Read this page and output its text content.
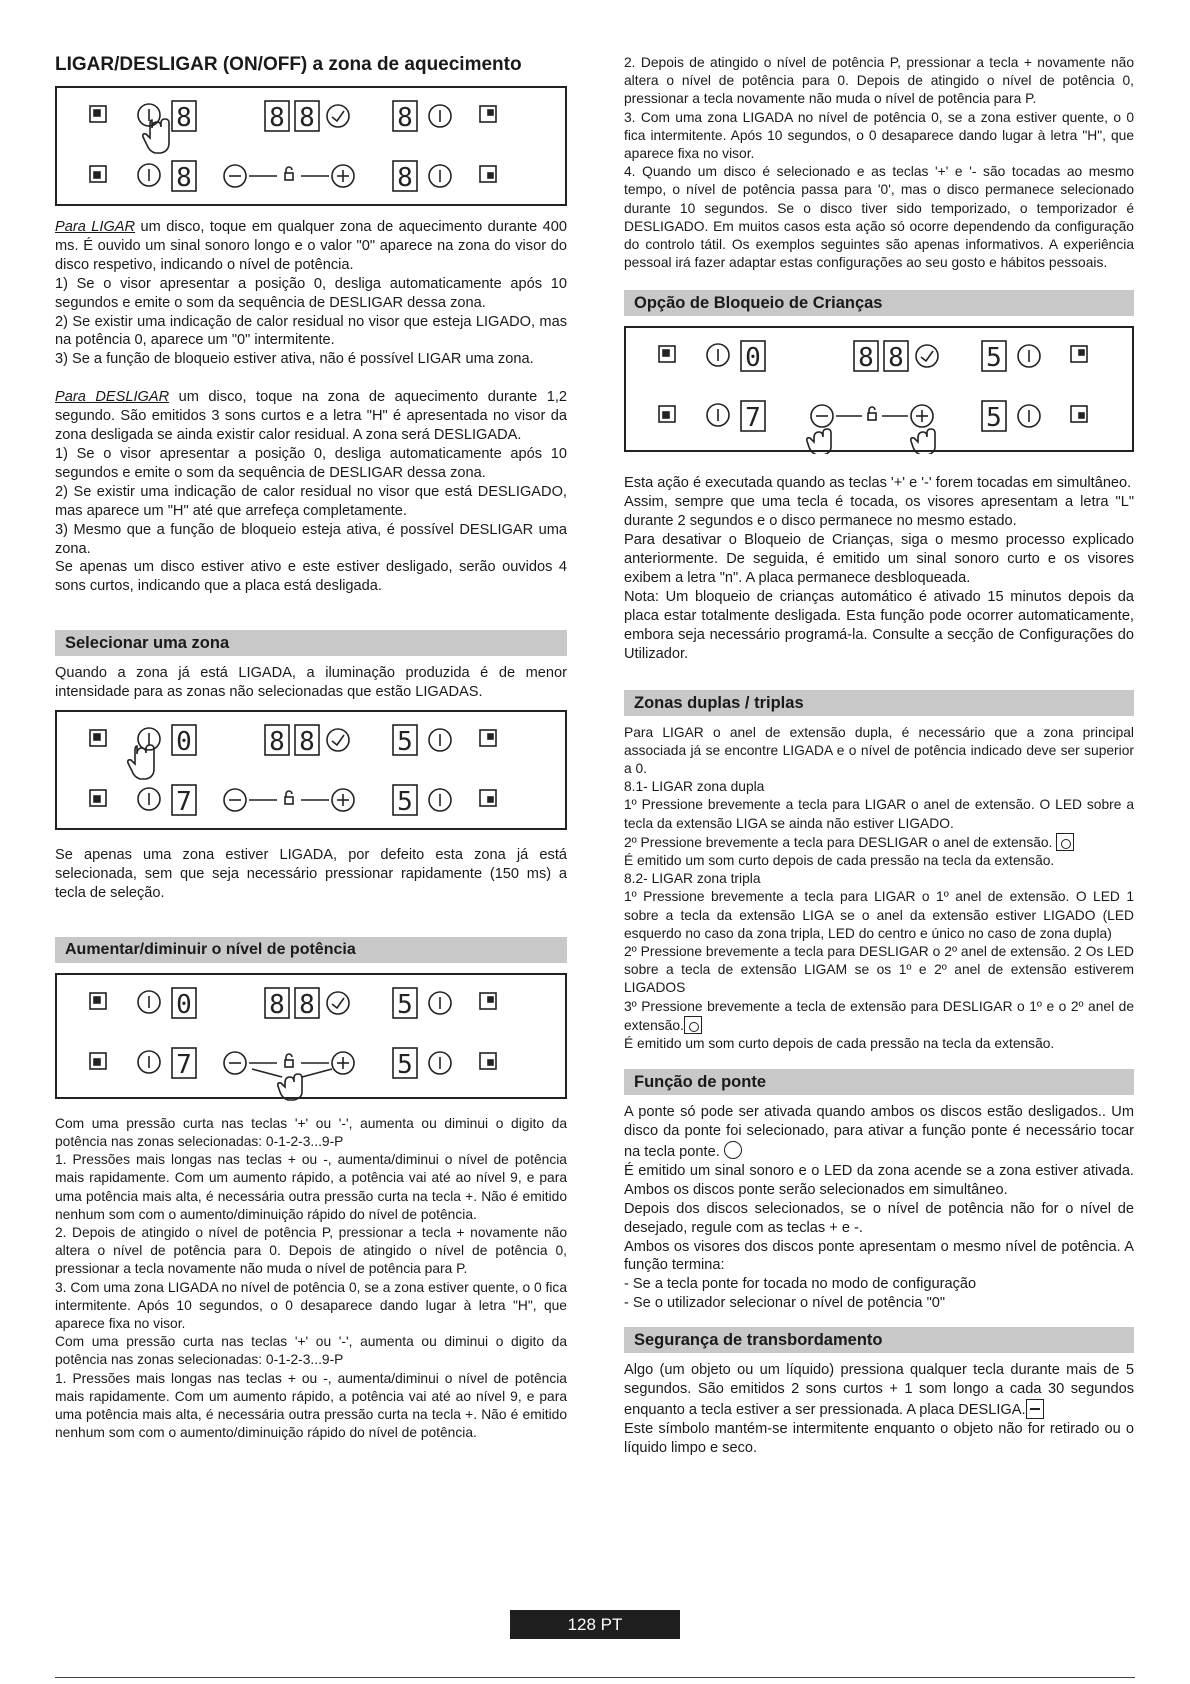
LIGAR/DESLIGAR (ON/OFF) a zona de aquecimento
8
8
8 8	8
8

Para LIGAR um disco, toque em qualquer zona de aquecimento durante 400 ms. É ouvido um sinal sonoro longo e o valor "0" aparece na zona do visor do disco respetivo, indicando o nível de potência.

1) Se o visor apresentar a posição 0, desliga automaticamente após 10 segundos e emite o som da sequência de DESLIGAR dessa zona.

2) Se existir uma indicação de calor residual no visor que esteja LIGADO, mas na potência 0, aparece um "0" intermitente.

3) Se a função de bloqueio estiver ativa, não é possível LIGAR uma zona.

Para DESLIGAR um disco, toque na zona de aquecimento durante 1,2 segundo. São emitidos 3 sons curtos e a letra "H" é apresentada no visor da zona desligada se ainda existir calor residual. A zona será DESLIGADA.

1) Se o visor apresentar a posição 0, desliga automaticamente após 10 segundos e emite o som da sequência de DESLIGAR dessa zona.

2) Se existir uma indicação de calor residual no visor que está DESLIGADO, mas aparece um "H" até que arrefeça completamente.

3) Mesmo que a função de bloqueio esteja ativa, é possível DESLIGAR uma zona.

Se apenas um disco estiver ativo e este estiver desligado, serão ouvidos 4 sons curtos, indicando que a placa está desligada.

Selecionar uma zona

Quando a zona já está LIGADA, a iluminação produzida é de menor intensidade para as zonas não selecionadas que estão LIGADAS.

0
7
8 8	5
5

Se apenas uma zona estiver LIGADA, por defeito esta zona já está selecionada, sem que seja necessário pressionar rapidamente (150 ms) a tecla de seleção.

Aumentar/diminuir o nível de potência
0
7
8 8	5
5

Com uma pressão curta nas teclas '+' ou '-', aumenta ou diminui o digito da potência nas zonas selecionadas: 0-1-2-3...9-P

1. Pressões mais longas nas teclas + ou -, aumenta/diminui o nível de potência mais rapidamente. Com um aumento rápido, a potência vai até ao nível 9, e para uma potência mais alta, é necessária outra pressão curta na tecla +. Não é emitido nenhum som com o aumento/diminuição rápido do nível de potência.

2. Depois de atingido o nível de potência P, pressionar a tecla + novamente não altera o nível de potência para 0. Depois de atingido o nível de potência 0, pressionar a tecla novamente não muda o nível de potência para P.

3. Com uma zona LIGADA no nível de potência 0, se a zona estiver quente, o 0 fica intermitente. Após 10 segundos, o 0 desaparece dando lugar à letra "H", que aparece fixa no visor.

Com uma pressão curta nas teclas '+' ou '-', aumenta ou diminui o digito da potência nas zonas selecionadas: 0-1-2-3...9-P

1. Pressões mais longas nas teclas + ou -, aumenta/diminui o nível de potência mais rapidamente. Com um aumento rápido, a potência vai até ao nível 9, e para uma potência mais alta, é necessária outra pressão curta na tecla +. Não é emitido nenhum som com o aumento/diminuição rápido do nível de potência.

2. Depois de atingido o nível de potência P, pressionar a tecla + novamente não altera o nível de potência para 0. Depois de atingido o nível de potência 0, pressionar a tecla novamente não muda o nível de potência para P.

3. Com uma zona LIGADA no nível de potência 0, se a zona estiver quente, o 0 fica intermitente. Após 10 segundos, o 0 desaparece dando lugar à letra "H", que aparece fixa no visor.

4. Quando um disco é selecionado e as teclas '+' e '- são tocadas ao mesmo tempo, o nível de potência passa para '0', mas o disco permanece selecionado durante 10 segundos. Se o disco tiver sido temporizado, o temporizador é DESLIGADO. Em muitos casos esta ação só ocorre dependendo da configuração do controlo tátil. Os exemplos seguintes são apenas informativos. A experiência pessoal irá fazer adaptar estas configurações ao seu gosto e hábitos pessoais.

Opção de Bloqueio de Crianças
0
7
8 8	5
5

Esta ação é executada quando as teclas '+' e '-' forem tocadas em simultâneo.

Assim, sempre que uma tecla é tocada, os visores apresentam a letra "L" durante 2 segundos e o disco permanece no mesmo estado.

Para desativar o Bloqueio de Crianças, siga o mesmo processo explicado anteriormente. De seguida, é emitido um sinal sonoro curto e os visores exibem a letra "n". A placa permanece desbloqueada.

Nota: Um bloqueio de crianças automático é ativado 15 minutos depois da placa estar totalmente desligada. Esta função pode ocorrer automaticamente, embora seja necessário programá-la. Consulte a secção de Configurações do Utilizador.

Zonas duplas / triplas

Para LIGAR o anel de extensão dupla, é necessário que a zona principal associada já se encontre LIGADA e o nível de potência indicado deve ser superior a 0.

8.1- LIGAR zona dupla

1º Pressione brevemente a tecla para LIGAR o anel de extensão. O LED sobre a tecla da extensão LIGA se ainda não estiver LIGADO.

2º Pressione brevemente a tecla para DESLIGAR o anel de extensão.

É emitido um som curto depois de cada pressão na tecla da extensão.

8.2- LIGAR zona tripla

1º Pressione brevemente a tecla para LIGAR o 1º anel de extensão. O LED 1 sobre a tecla da extensão LIGA se o anel da extensão estiver LIGADO (LED esquerdo no caso da zona tripla, LED do centro e único no caso de zona dupla)

2º Pressione brevemente a tecla para DESLIGAR o 2º anel de extensão. 2 Os LED sobre a tecla de extensão LIGAM se os 1º e 2º anel de extensão estiverem LIGADOS

3º Pressione brevemente a tecla de extensão para DESLIGAR o 1º e o 2º anel de extensão.

É emitido um som curto depois de cada pressão na tecla da extensão.

Função de ponte

A ponte só pode ser ativada quando ambos os discos estão desligados.. Um disco da ponte foi selecionado, para ativar a função ponte é necessário tocar na tecla ponte.

É emitido um sinal sonoro e o LED da zona acende se a zona estiver ativada. Ambos os discos ponte serão selecionados em simultâneo.

Depois dos discos selecionados, se o nível de potência não for o nível de desejado, regule com as teclas + e -.

Ambos os visores dos discos ponte apresentam o mesmo nível de potência. A função termina:

- Se a tecla ponte for tocada no modo de configuração

- Se o utilizador selecionar o nível de potência "0"

Segurança de transbordamento

Algo (um objeto ou um líquido) pressiona qualquer tecla durante mais de 5 segundos. São emitidos 2 sons curtos + 1 som longo a cada 30 segundos enquanto a tecla estiver a ser pressionada. A placa DESLIGA.

Este símbolo mantém-se intermitente enquanto o objeto não for retirado ou o líquido limpo e seco.

128 PT
